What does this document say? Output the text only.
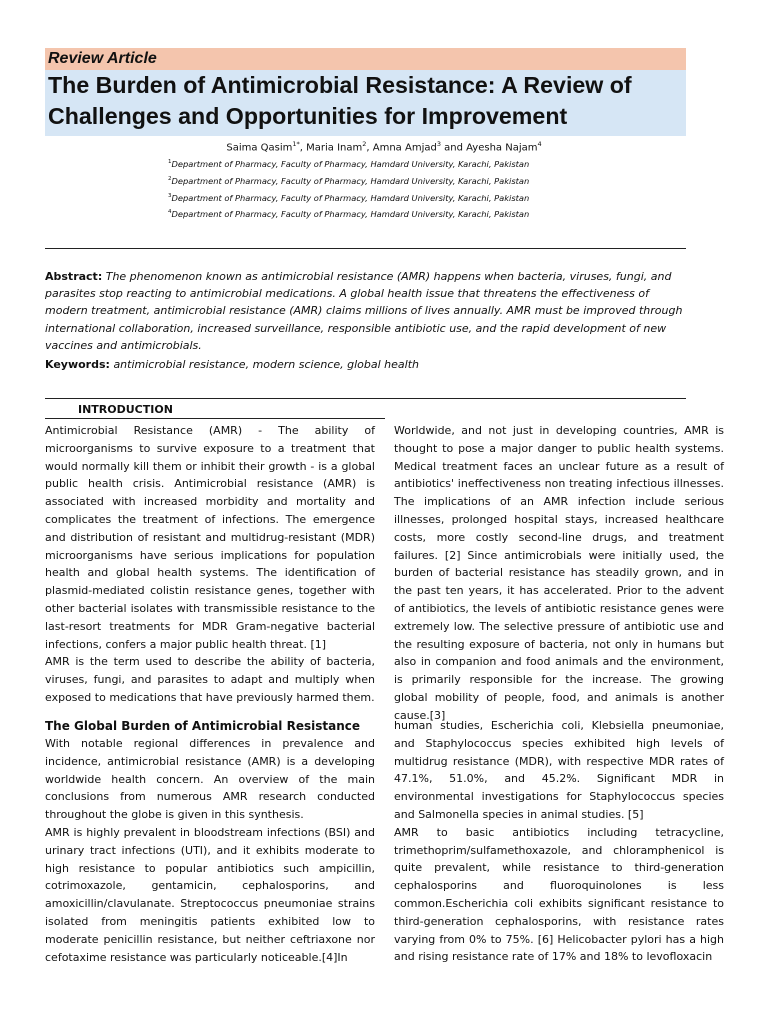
Review Article
The Burden of Antimicrobial Resistance: A Review of
Challenges and Opportunities for Improvement
Saima Qasim$^{1*}$, Maria Inam$^2$, Amna Amjad$^3$ and Ayesha Najam$^4$
$^1$Department of Pharmacy, Faculty of Pharmacy, Hamdard University, Karachi, Pakistan
$^2$Department of Pharmacy, Faculty of Pharmacy, Hamdard University, Karachi, Pakistan
$^3$Department of Pharmacy, Faculty of Pharmacy, Hamdard University, Karachi, Pakistan
$^4$Department of Pharmacy, Faculty of Pharmacy, Hamdard University, Karachi, Pakistan
Abstract: The phenomenon known as antimicrobial resistance (AMR) happens when bacteria, viruses, fungi, and parasites stop reacting to antimicrobial medications. A global health issue that threatens the effectiveness of modern treatment, antimicrobial resistance (AMR) claims millions of lives annually. AMR must be improved through international collaboration, increased surveillance, responsible antibiotic use, and the rapid development of new vaccines and antimicrobials.
Keywords: antimicrobial resistance, modern science, global health
INTRODUCTION

Antimicrobial Resistance (AMR) - The ability of microorganisms to survive exposure to a treatment that would normally kill them or inhibit their growth - is a global public health crisis. Antimicrobial resistance (AMR) is associated with increased morbidity and mortality and complicates the treatment of infections. The emergence and distribution of resistant and multidrug-resistant (MDR) microorganisms have serious implications for population health and global health systems. The identification of plasmid-mediated colistin resistance genes, together with other bacterial isolates with transmissible resistance to the last-resort treatments for MDR Gram-negative bacterial infections, confers a major public health threat. [1]

AMR is the term used to describe the ability of bacteria, viruses, fungi, and parasites to adapt and multiply when exposed to medications that have previously harmed them.

Worldwide, and not just in developing countries, AMR is thought to pose a major danger to public health systems. Medical treatment faces an unclear future as a result of antibiotics' ineffectiveness non treating infectious illnesses. The implications of an AMR infection include serious illnesses, prolonged hospital stays, increased healthcare costs, more costly second-line drugs, and treatment failures. [2] Since antimicrobials were initially used, the burden of bacterial resistance has steadily grown, and in the past ten years, it has accelerated. Prior to the advent of antibiotics, the levels of antibiotic resistance genes were extremely low. The selective pressure of antibiotic use and the resulting exposure of bacteria, not only in humans but also in companion and food animals and the environment, is primarily responsible for the increase. The growing global mobility of people, food, and animals is another cause.[3]

The Global Burden of Antimicrobial Resistance

With notable regional differences in prevalence and incidence, antimicrobial resistance (AMR) is a developing worldwide health concern. An overview of the main conclusions from numerous AMR research conducted throughout the globe is given in this synthesis.

AMR is highly prevalent in bloodstream infections (BSI) and urinary tract infections (UTI), and it exhibits moderate to high resistance to popular antibiotics such ampicillin, cotrimoxazole, gentamicin, cephalosporins, and amoxicillin/clavulanate. Streptococcus pneumoniae strains isolated from meningitis patients exhibited low to moderate penicillin resistance, but neither ceftriaxone nor cefotaxime resistance was particularly noticeable.[4]In

human studies, Escherichia coli, Klebsiella pneumoniae, and Staphylococcus species exhibited high levels of multidrug resistance (MDR), with respective MDR rates of 47.1%, 51.0%, and 45.2%. Significant MDR in environmental investigations for Staphylococcus species and Salmonella species in animal studies. [5]

AMR to basic antibiotics including tetracycline, trimethoprim/sulfamethoxazole, and chloramphenicol is quite prevalent, while resistance to third-generation cephalosporins and fluoroquinolones is less common.Escherichia coli exhibits significant resistance to third-generation cephalosporins, with resistance rates varying from 0% to 75%. [6] Helicobacter pylori has a high and rising resistance rate of 17% and 18% to levofloxacin
